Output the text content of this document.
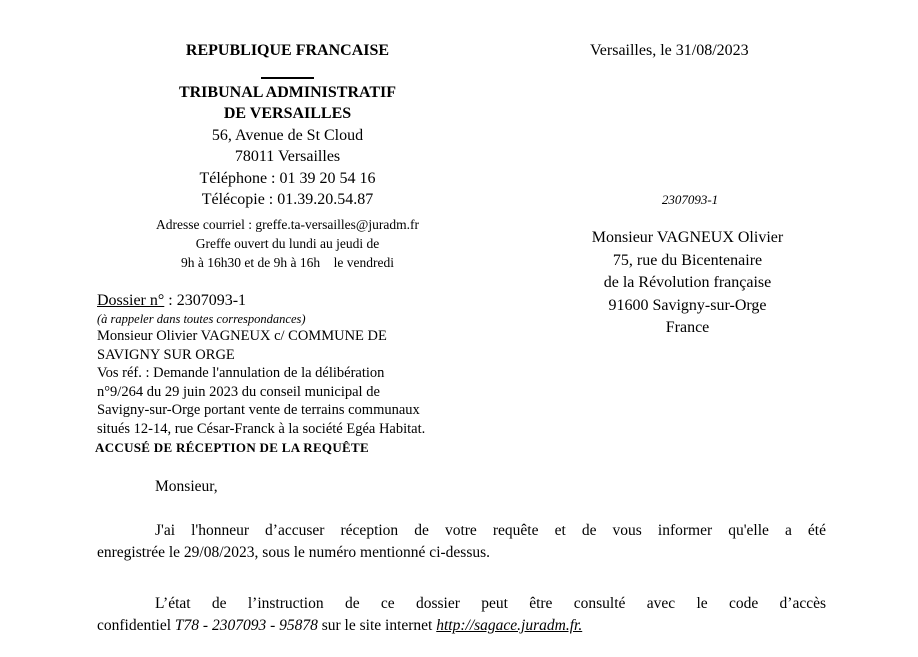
Versailles, le 31/08/2023
REPUBLIQUE FRANCAISE
TRIBUNAL ADMINISTRATIF
DE VERSAILLES
56, Avenue de St Cloud
78011 Versailles
Téléphone : 01 39 20 54 16
Télécopie : 01.39.20.54.87
Adresse courriel : greffe.ta-versailles@juradm.fr
Greffe ouvert du lundi au jeudi de
9h à 16h30 et de 9h à 16h    le vendredi
2307093-1
Monsieur VAGNEUX Olivier
75, rue du Bicentenaire
de la Révolution française
91600 Savigny-sur-Orge
France
Dossier n° : 2307093-1
(à rappeler dans toutes correspondances)
Monsieur Olivier VAGNEUX c/ COMMUNE DE
SAVIGNY SUR ORGE
Vos réf. : Demande l'annulation de la délibération
n°9/264 du 29 juin 2023 du conseil municipal de
Savigny-sur-Orge portant vente de terrains communaux
situés 12-14, rue César-Franck à la société Egéa Habitat.
ACCUSÉ DE RÉCEPTION DE LA REQUÊTE
Monsieur,
J'ai l'honneur d’accuser réception de votre requête et de vous informer qu'elle a été
enregistrée le 29/08/2023, sous le numéro mentionné ci-dessus.
L’état de l’instruction de ce dossier peut être consulté avec le code d’accès
confidentiel T78 - 2307093 - 95878 sur le site internet http://sagace.juradm.fr.
